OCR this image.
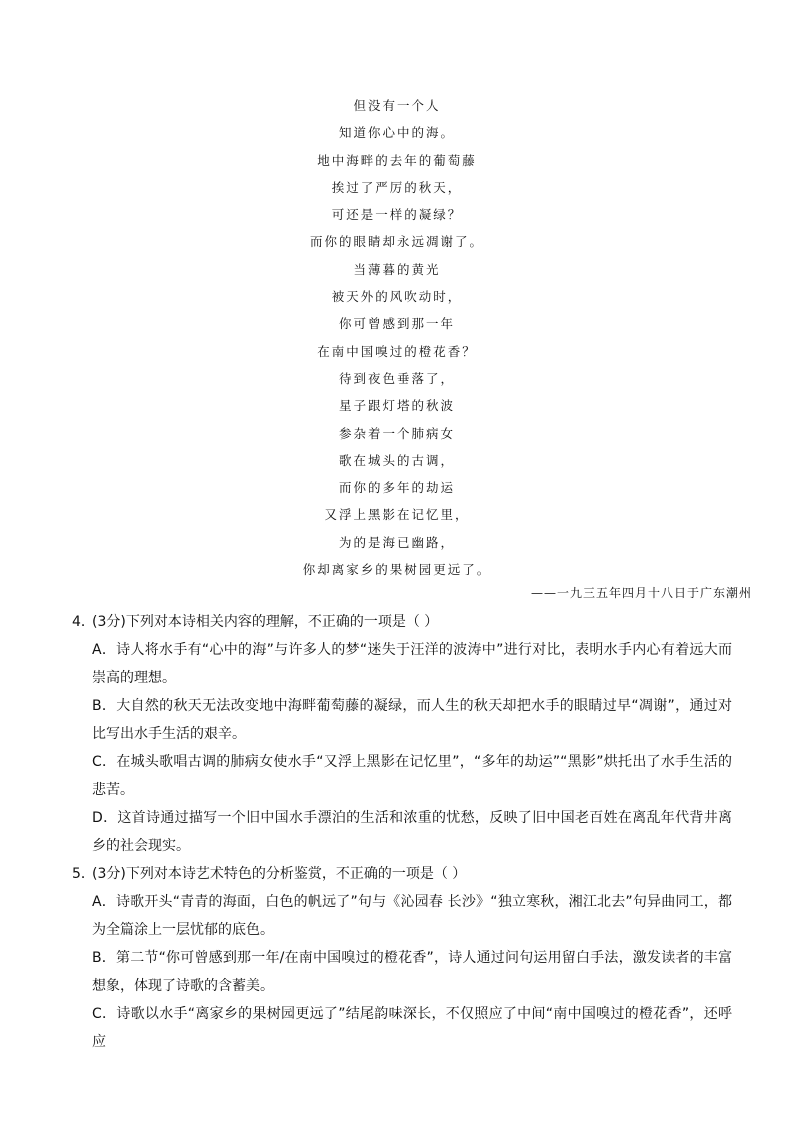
但没有一个人
知道你心中的海。
地中海畔的去年的葡萄藤
挨过了严厉的秋天，
可还是一样的凝绿？
而你的眼睛却永远凋谢了。
当薄暮的黄光
被天外的风吹动时，
你可曾感到那一年
在南中国嗅过的橙花香？
待到夜色垂落了，
星子跟灯塔的秋波
参杂着一个肺病女
歌在城头的古调，
而你的多年的劫运
又浮上黑影在记忆里，
为的是海已幽路，
你却离家乡的果树园更远了。
——一九三五年四月十八日于广东潮州
4．(3分)下列对本诗相关内容的理解，不正确的一项是（ ）
A．诗人将水手有“心中的海”与许多人的梦“迷失于汪洋的波涛中”进行对比，表明水手内心有着远大而崇高的理想。
B．大自然的秋天无法改变地中海畔葡萄藤的凝绿，而人生的秋天却把水手的眼睛过早“凋谢”，通过对比写出水手生活的艰辛。
C．在城头歌唱古调的肺病女使水手“又浮上黑影在记忆里”，“多年的劫运”“黑影”烘托出了水手生活的悲苦。
D．这首诗通过描写一个旧中国水手漂泊的生活和浓重的忧愁，反映了旧中国老百姓在离乱年代背井离乡的社会现实。
5．(3分)下列对本诗艺术特色的分析鉴赏，不正确的一项是（ ）
A．诗歌开头“青青的海面，白色的帆远了”句与《沁园春 长沙》“独立寒秋，湘江北去”句异曲同工，都为全篇涂上一层忧郁的底色。
B．第二节“你可曾感到那一年/在南中国嗅过的橙花香”，诗人通过问句运用留白手法，激发读者的丰富想象，体现了诗歌的含蓄美。
C．诗歌以水手“离家乡的果树园更远了”结尾韵味深长，不仅照应了中间“南中国嗅过的橙花香”，还呼应
